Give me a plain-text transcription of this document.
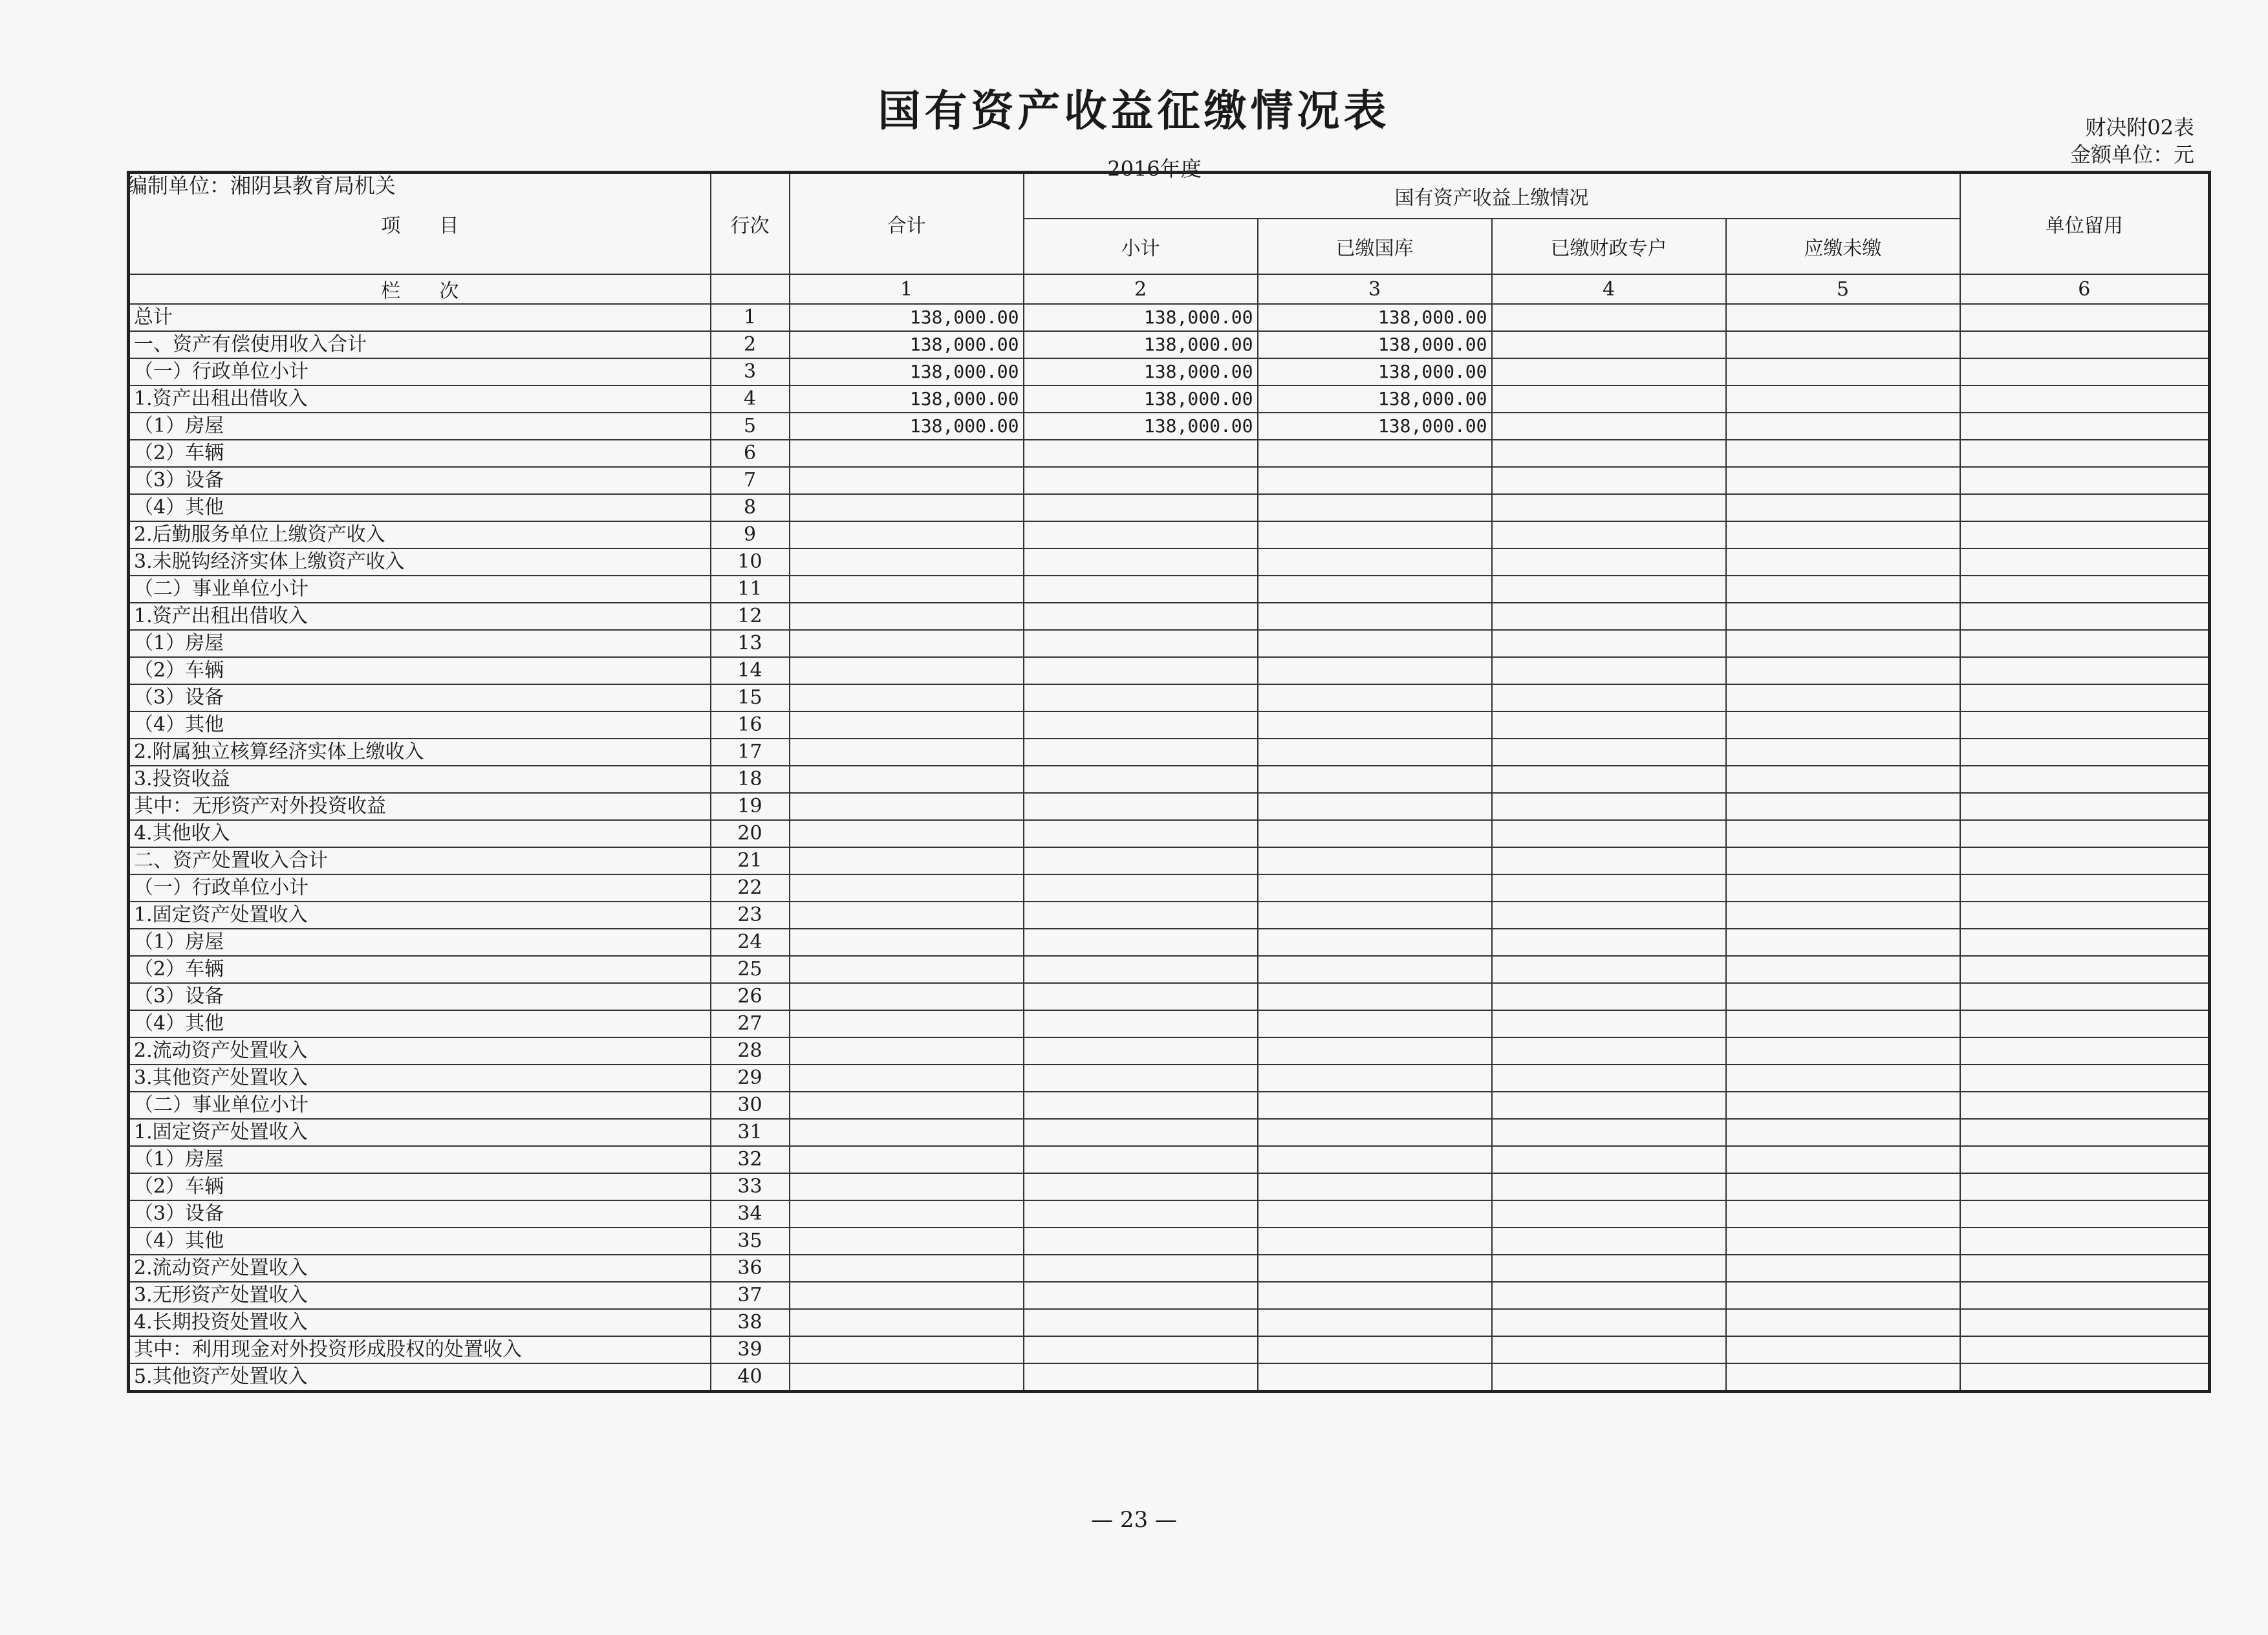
国有资产收益征缴情况表	财决附02表
金额单位：元
2016年度
编制单位：湘阴县教育局机关
项　　目	行次	合计	国有资产收益上缴情况				单位留用
			小计	已缴国库	已缴财政专户	应缴未缴	
栏　　次		1	2	3	4	5	6
总计	1	138,000.00	138,000.00	138,000.00			
一、资产有偿使用收入合计	2	138,000.00	138,000.00	138,000.00			
（一）行政单位小计	3	138,000.00	138,000.00	138,000.00			
1.资产出租出借收入	4	138,000.00	138,000.00	138,000.00			
（1）房屋	5	138,000.00	138,000.00	138,000.00			
（2）车辆	6						
（3）设备	7						
（4）其他	8						
2.后勤服务单位上缴资产收入	9						
3.未脱钩经济实体上缴资产收入	10						
（二）事业单位小计	11						
1.资产出租出借收入	12						
（1）房屋	13						
（2）车辆	14						
（3）设备	15						
（4）其他	16						
2.附属独立核算经济实体上缴收入	17						
3.投资收益	18						
其中：无形资产对外投资收益	19						
4.其他收入	20						
二、资产处置收入合计	21						
（一）行政单位小计	22						
1.固定资产处置收入	23						
（1）房屋	24						
（2）车辆	25						
（3）设备	26						
（4）其他	27						
2.流动资产处置收入	28						
3.其他资产处置收入	29						
（二）事业单位小计	30						
1.固定资产处置收入	31						
（1）房屋	32						
（2）车辆	33						
（3）设备	34						
（4）其他	35						
2.流动资产处置收入	36						
3.无形资产处置收入	37						
4.长期投资处置收入	38						
其中：利用现金对外投资形成股权的处置收入	39						
5.其他资产处置收入	40						
— 23 —
